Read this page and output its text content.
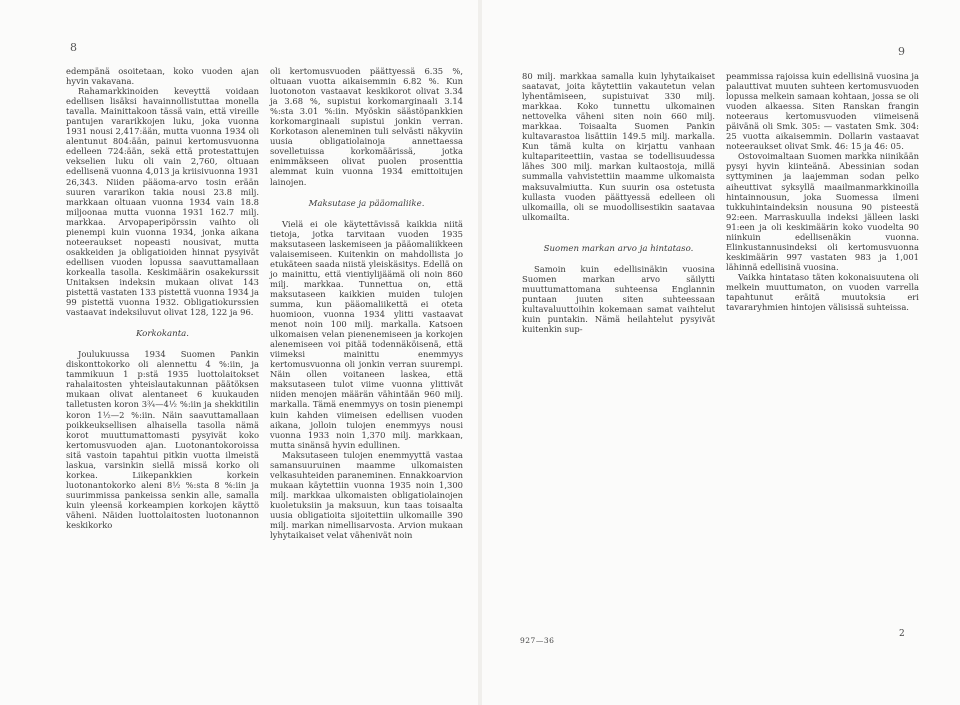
8

edempänä osoitetaan, koko vuoden ajan hyvin vakavana.

Rahamarkkinoiden keveyttä voidaan edellisen lisäksi havainnollistuttaa monella tavalla. Mainittakoon tässä vain, että vireille pantujen vararikkojen luku, joka vuonna 1931 nousi 2,417:ään, mutta vuonna 1934 oli alentunut 804:ään, painui kertomusvuonna edelleen 724:ään, sekä että protestattujen vekselien luku oli vain 2,760, oltuaan edellisenä vuonna 4,013 ja kriisivuonna 1931 26,343. Niiden pääoma-arvo tosin erään suuren vararikon takia nousi 23.8 milj. markkaan oltuaan vuonna 1934 vain 18.8 miljoonaa mutta vuonna 1931 162.7 milj. markkaa. Arvopaperipörssin vaihto oli pienempi kuin vuonna 1934, jonka aikana noteeraukset nopeasti nousivat, mutta osakkeiden ja obligatioiden hinnat pysyivät edellisen vuoden lopussa saavuttamallaan korkealla tasolla. Keskimäärin osakekurssit Unitaksen indeksin mukaan olivat 143 pistettä vastaten 133 pistettä vuonna 1934 ja 99 pistettä vuonna 1932. Obligatiokurssien vastaavat indeksiluvut olivat 128, 122 ja 96.

Korkokanta.

Joulukuussa 1934 Suomen Pankin diskonttokorko oli alennettu 4 %:iin, ja tammikuun 1 p:stä 1935 luottolaitokset rahalaitosten yhteislautakunnan päätöksen mukaan olivat alentaneet 6 kuukauden talletusten koron 3¾—4½ %:iin ja shekkitilin koron 1½—2 %:iin. Näin saavuttamallaan poikkeuksellisen alhaisella tasolla nämä korot muuttumattomasti pysyivät koko kertomusvuoden ajan. Luotonantokoroissa sitä vastoin tapahtui pitkin vuotta ilmeistä laskua, varsinkin siellä missä korko oli korkea. Liikepankkien korkein luotonantokorko aleni 8½ %:sta 8 %:iin ja suurimmissa pankeissa senkin alle, samalla kuin yleensä korkeampien korkojen käyttö väheni. Näiden luottolaitosten luotonannon keskikorko

oli kertomusvuoden päättyessä 6.35 %, oltuaan vuotta aikaisemmin 6.82 %. Kun luotonoton vastaavat keskikorot olivat 3.34 ja 3.68 %, supistui korkomarginaali 3.14 %:sta 3.01 %:iin. Myöskin säästöpankkien korkomarginaali supistui jonkin verran. Korkotason aleneminen tuli selvästi näkyviin uusia obligatiolainoja annettaessa sovelletuissa korkomäärissä, jotka enimmäkseen olivat puolen prosenttia alemmat kuin vuonna 1934 emittoitujen lainojen.

Maksutase ja pääomaliike.

Vielä ei ole käytettävissä kaikkia niitä tietoja, jotka tarvitaan vuoden 1935 maksutaseen laskemiseen ja pääomaliikkeen valaisemiseen. Kuitenkin on mahdollista jo etukäteen saada niistä yleiskäsitys. Edellä on jo mainittu, että vientiylijäämä oli noin 860 milj. markkaa. Tunnettua on, että maksutaseen kaikkien muiden tulojen summa, kun pääomaliikettä ei oteta huomioon, vuonna 1934 ylitti vastaavat menot noin 100 milj. markalla. Katsoen ulkomaisen velan pienenemiseen ja korkojen alenemiseen voi pitää todennäköisenä, että viimeksi mainittu enemmyys kertomusvuonna oli jonkin verran suurempi. Näin ollen voitaneen laskea, että maksutaseen tulot viime vuonna ylittivät niiden menojen määrän vähintään 960 milj. markalla. Tämä enemmyys on tosin pienempi kuin kahden viimeisen edellisen vuoden aikana, jolloin tulojen enemmyys nousi vuonna 1933 noin 1,370 milj. markkaan, mutta sinänsä hyvin edullinen.

Maksutaseen tulojen enemmyyttä vastaa samansuuruinen maamme ulkomaisten velkasuhteiden paraneminen. Ennakkoarvion mukaan käytettiin vuonna 1935 noin 1,300 milj. markkaa ulkomaisten obligatiolainojen kuoletuksiin ja maksuun, kun taas toisaalta uusia obligatioita sijoitettiin ulkomaille 390 milj. markan nimellisarvosta. Arvion mukaan lyhytaikaiset velat vähenivät noin

9

80 milj. markkaa samalla kuin lyhytaikaiset saatavat, joita käytettiin vakautetun velan lyhentämiseen, supistuivat 330 milj. markkaa. Koko tunnettu ulkomainen nettovelka väheni siten noin 660 milj. markkaa. Toisaalta Suomen Pankin kultavarastoa lisättiin 149.5 milj. markalla. Kun tämä kulta on kirjattu vanhaan kultapariteettiin, vastaa se todellisuudessa lähes 300 milj. markan kultaostoja, millä summalla vahvistettiin maamme ulkomaista maksuvalmiutta. Kun suurin osa ostetusta kullasta vuoden päättyessä edelleen oli ulkomailla, oli se muodollisestikin saatavaa ulkomailta.

Suomen markan arvo ja hintataso.

Samoin kuin edellisinäkin vuosina Suomen markan arvo säilytti muuttumattomana suhteensa Englannin puntaan juuten siten suhteessaan kultavaluuttoihin kokemaan samat vaihtelut kuin puntakin. Nämä heilahtelut pysyivät kuitenkin sup-

peammissa rajoissa kuin edellisinä vuosina ja palauttivat muuten suhteen kertomusvuoden lopussa melkein samaan kohtaan, jossa se oli vuoden alkaessa. Siten Ranskan frangin noteeraus kertomusvuoden viimeisenä päivänä oli Smk. 305: — vastaten Smk. 304: 25 vuotta aikaisemmin. Dollarin vastaavat noteeraukset olivat Smk. 46: 15 ja 46: 05.

Ostovoimaltaan Suomen markka niinikään pysyi hyvin kiinteänä. Abessinian sodan syttyminen ja laajemman sodan pelko aiheuttivat syksyllä maailmanmarkkinoilla hintainnousun, joka Suomessa ilmeni tukkuhintaindeksin nousuna 90 pisteestä 92:een. Marraskuulla indeksi jälleen laski 91:een ja oli keskimäärin koko vuodelta 90 niinkuin edellisenäkin vuonna. Elinkustannusindeksi oli kertomusvuonna keskimäärin 997 vastaten 983 ja 1,001 lähinnä edellisinä vuosina.

Vaikka hintataso täten kokonaisuutena oli melkein muuttumaton, on vuoden varrella tapahtunut eräitä muutoksia eri tavararyhmien hintojen välisissä suhteissa.

927—36
2
